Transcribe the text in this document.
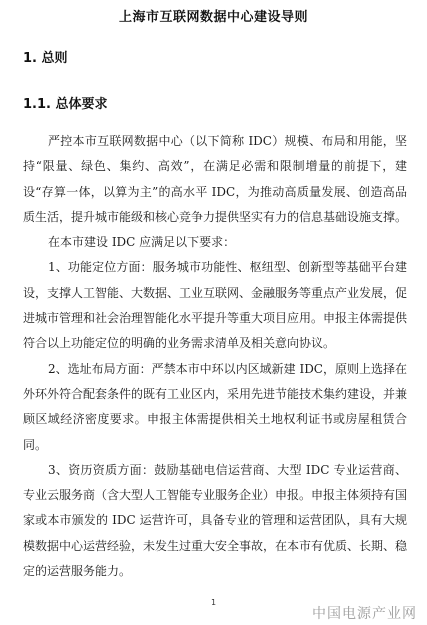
上海市互联网数据中心建设导则
1. 总则
1.1. 总体要求

严控本市互联网数据中心（以下简称 IDC）规模、布局和用能，坚持“限量、绿色、集约、高效”，在满足必需和限制增量的前提下，建设“存算一体，以算为主”的高水平 IDC，为推动高质量发展、创造高品质生活，提升城市能级和核心竞争力提供坚实有力的信息基础设施支撑。

在本市建设 IDC 应满足以下要求：

1、功能定位方面：服务城市功能性、枢纽型、创新型等基础平台建设，支撑人工智能、大数据、工业互联网、金融服务等重点产业发展，促进城市管理和社会治理智能化水平提升等重大项目应用。申报主体需提供符合以上功能定位的明确的业务需求清单及相关意向协议。

2、选址布局方面：严禁本市中环以内区域新建 IDC，原则上选择在外环外符合配套条件的既有工业区内，采用先进节能技术集约建设，并兼顾区域经济密度要求。申报主体需提供相关土地权利证书或房屋租赁合同。

3、资历资质方面：鼓励基础电信运营商、大型 IDC 专业运营商、专业云服务商（含大型人工智能专业服务企业）申报。申报主体须持有国家或本市颁发的 IDC 运营许可，具备专业的管理和运营团队，具有大规模数据中心运营经验，未发生过重大安全事故，在本市有优质、长期、稳定的运营服务能力。

1
中国电源产业网
